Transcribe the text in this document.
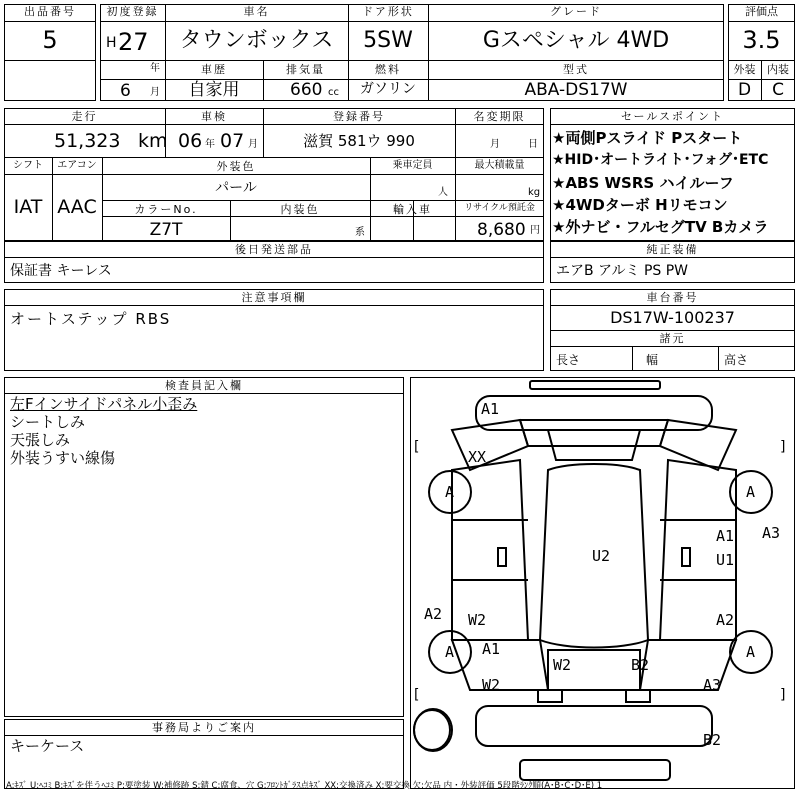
出品番号
5
初度登録
H 27
年
6 月
車名
タウンボックス
ドア形状
5SW
グレード
Gスペシャル 4WD
車歴
自家用
排気量
660 cc
燃料
ガソリン
型式
ABA-DS17W
評価点
3.5
外装	内装
D	C
走行
51,323 km
車検
06 年 07 月
登録番号
滋賀 581ウ 990
名変期限
月	日
シフト
IAT
エアコン
AAC
外装色
パール
乗車定員
人
最大積載量
kg
カラーNo.
Z7T
内装色
系
輸入車	リサイクル預託金
8,680 円
セールスポイント
★両側Pスライド Pスタート
★HID･オートライト･フォグ･ETC
★ABS WSRS ハイルーフ
★4WDターボ Hリモコン
★外ナビ・フルセグTV Bカメラ
後日発送部品
保証書 キーレス
純正装備
エアB アルミ PS PW
注意事項欄
オートステップ RBS
車台番号
DS17W-100237
諸元
長さ	幅	高さ
検査員記入欄
左Fインサイドパネル小歪み
シートしみ
天張しみ
外装うすい線傷
事務局よりご案内
キーケース
[
[
]
]
A1
XX
A	A
A1 A3
U1
U2
A2 W2	A2
A	A
A1
W2
W2	B2
A3
B2
A:ｷｽﾞ U:ﾍｺﾐ B:ｷｽﾞを伴うﾍｺﾐ P:要塗装 W:補修跡 S:錆 C:腐食、穴 G:ﾌﾛﾝﾄｶﾞﾗｽ点ｷｽﾞ XX:交換済み X:要交換 欠:欠品 内・外装評価 5段階ﾗﾝｸ順(A･B･C･D･E) 1
